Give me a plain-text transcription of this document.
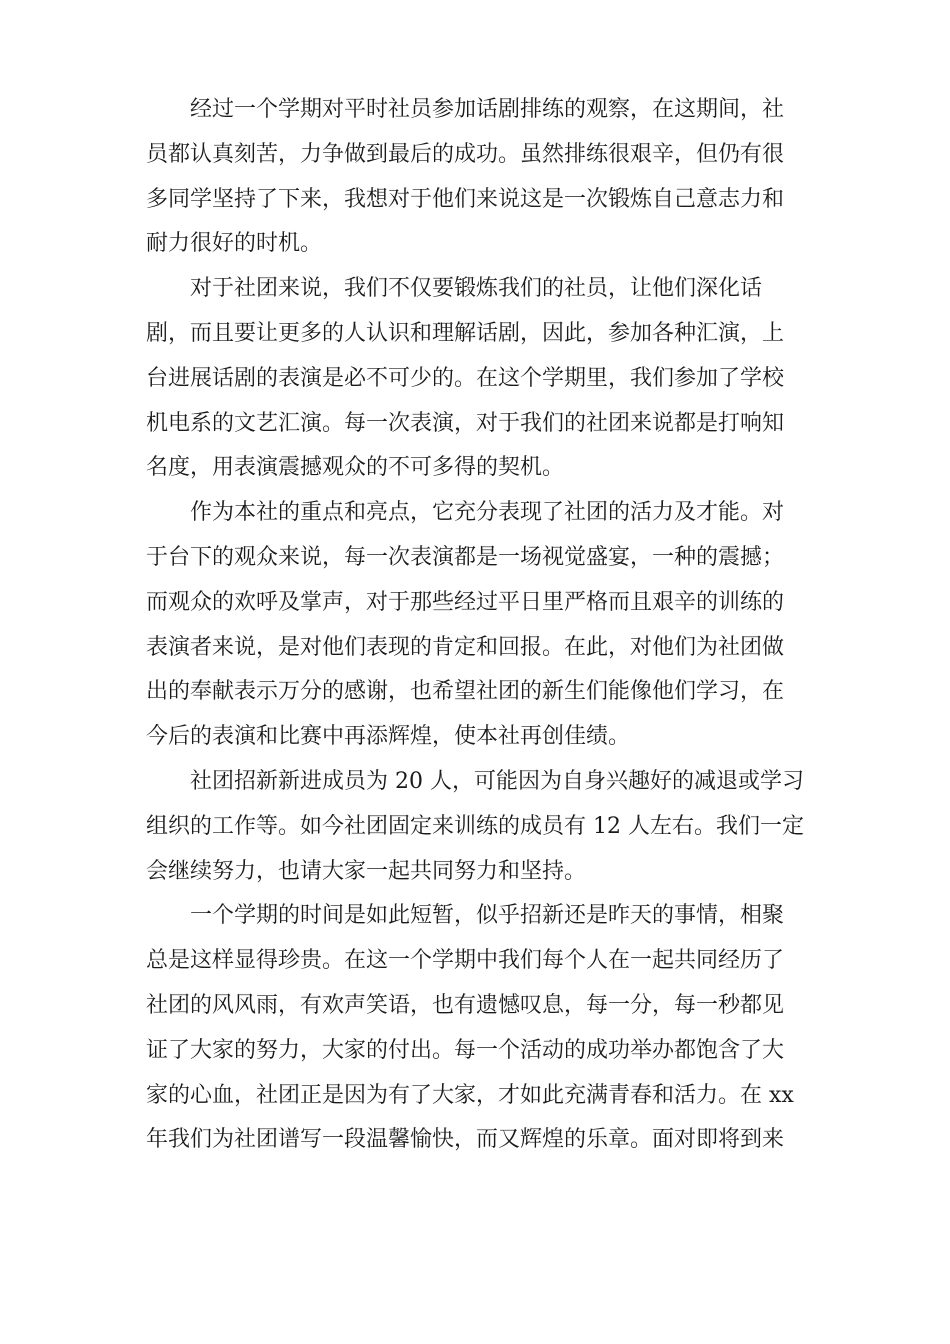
经过一个学期对平时社员参加话剧排练的观察，在这期间，社
员都认真刻苦，力争做到最后的成功。虽然排练很艰辛，但仍有很
多同学坚持了下来，我想对于他们来说这是一次锻炼自己意志力和
耐力很好的时机。

对于社团来说，我们不仅要锻炼我们的社员，让他们深化话
剧，而且要让更多的人认识和理解话剧，因此，参加各种汇演，上
台进展话剧的表演是必不可少的。在这个学期里，我们参加了学校
机电系的文艺汇演。每一次表演，对于我们的社团来说都是打响知
名度，用表演震撼观众的不可多得的契机。

作为本社的重点和亮点，它充分表现了社团的活力及才能。对
于台下的观众来说，每一次表演都是一场视觉盛宴，一种的震撼；
而观众的欢呼及掌声，对于那些经过平日里严格而且艰辛的训练的
表演者来说，是对他们表现的肯定和回报。在此，对他们为社团做
出的奉献表示万分的感谢，也希望社团的新生们能像他们学习，在
今后的表演和比赛中再添辉煌，使本社再创佳绩。

社团招新新进成员为 20 人，可能因为自身兴趣好的减退或学习
组织的工作等。如今社团固定来训练的成员有 12 人左右。我们一定
会继续努力，也请大家一起共同努力和坚持。

一个学期的时间是如此短暂，似乎招新还是昨天的事情，相聚
总是这样显得珍贵。在这一个学期中我们每个人在一起共同经历了
社团的风风雨，有欢声笑语，也有遗憾叹息，每一分，每一秒都见
证了大家的努力，大家的付出。每一个活动的成功举办都饱含了大
家的心血，社团正是因为有了大家，才如此充满青春和活力。在 xx
年我们为社团谱写一段温馨愉快，而又辉煌的乐章。面对即将到来
